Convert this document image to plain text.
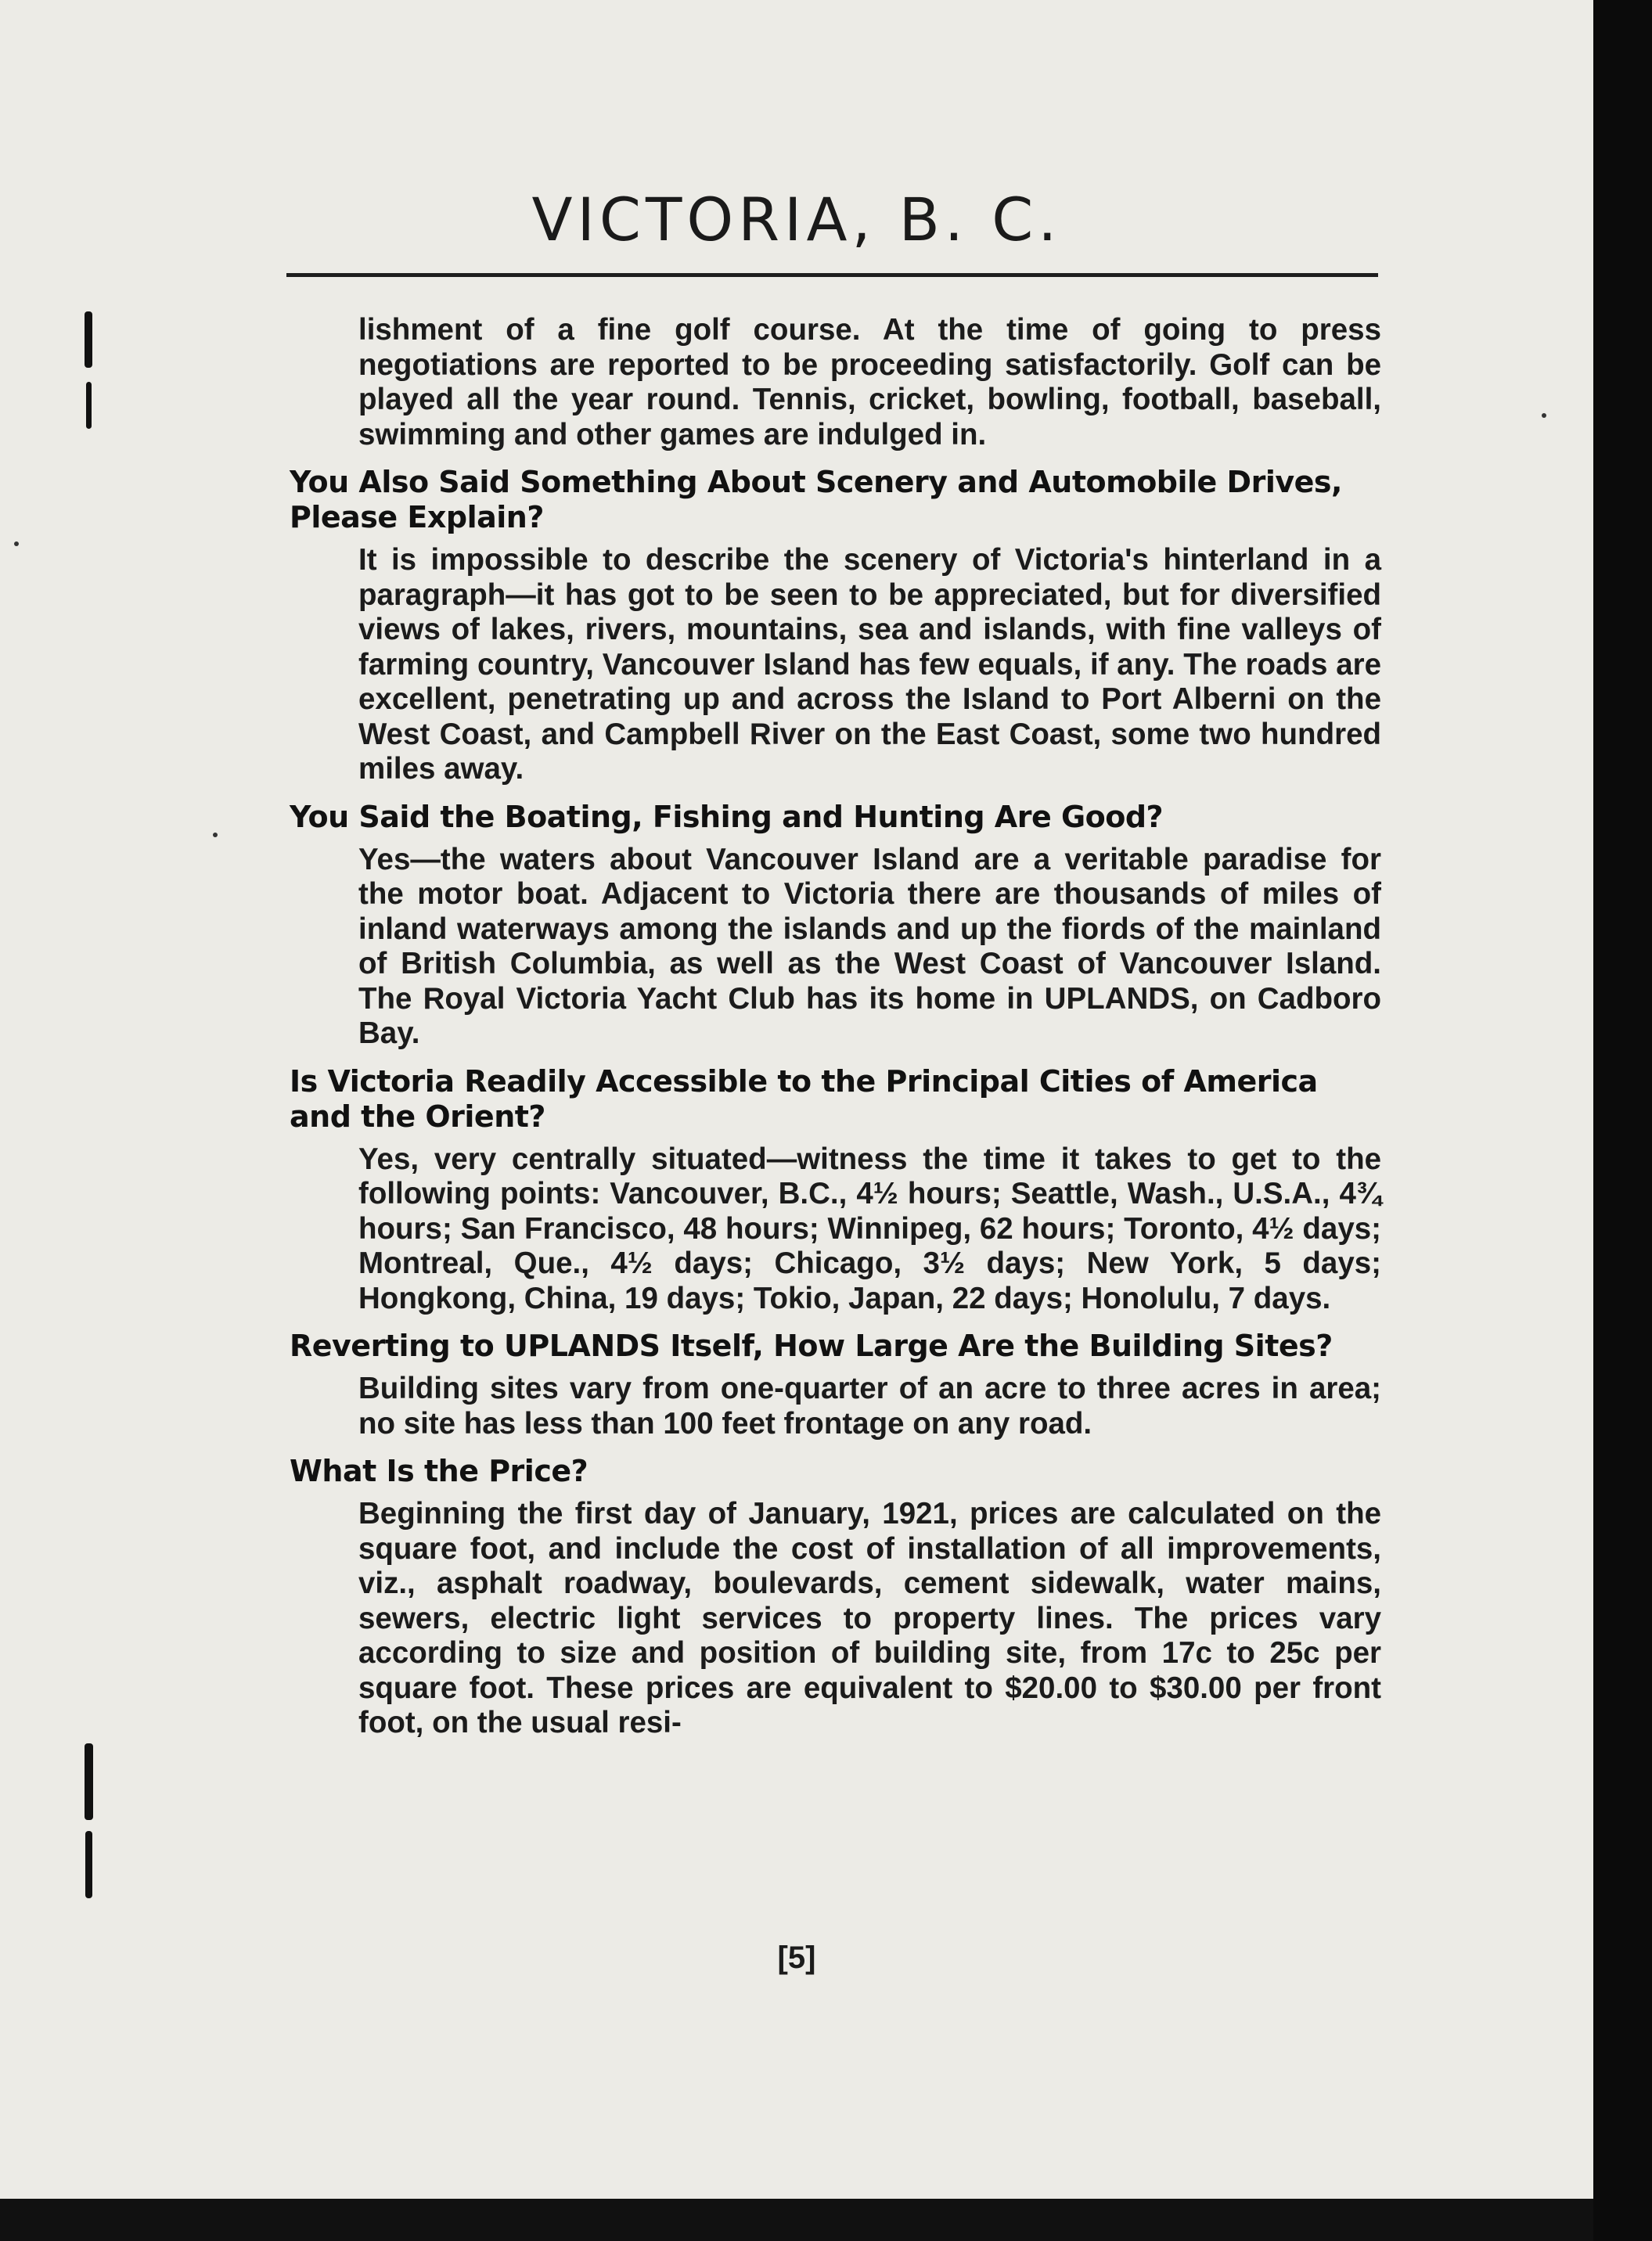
VICTORIA, B. C.

lishment of a fine golf course. At the time of going to press negotiations are reported to be proceeding satisfactorily. Golf can be played all the year round. Tennis, cricket, bowling, football, baseball, swimming and other games are indulged in.

You Also Said Something About Scenery and Automobile Drives, Please Explain?

It is impossible to describe the scenery of Victoria's hinterland in a paragraph—it has got to be seen to be appreciated, but for diversified views of lakes, rivers, mountains, sea and islands, with fine valleys of farming country, Vancouver Island has few equals, if any. The roads are excellent, penetrating up and across the Island to Port Alberni on the West Coast, and Campbell River on the East Coast, some two hundred miles away.

You Said the Boating, Fishing and Hunting Are Good?

Yes—the waters about Vancouver Island are a veritable paradise for the motor boat. Adjacent to Victoria there are thousands of miles of inland waterways among the islands and up the fiords of the mainland of British Columbia, as well as the West Coast of Vancouver Island. The Royal Victoria Yacht Club has its home in UPLANDS, on Cadboro Bay.

Is Victoria Readily Accessible to the Principal Cities of America and the Orient?

Yes, very centrally situated—witness the time it takes to get to the following points: Vancouver, B.C., 4½ hours; Seattle, Wash., U.S.A., 4¾ hours; San Francisco, 48 hours; Winnipeg, 62 hours; Toronto, 4½ days; Montreal, Que., 4½ days; Chicago, 3½ days; New York, 5 days; Hongkong, China, 19 days; Tokio, Japan, 22 days; Honolulu, 7 days.

Reverting to UPLANDS Itself, How Large Are the Building Sites?

Building sites vary from one-quarter of an acre to three acres in area; no site has less than 100 feet frontage on any road.

What Is the Price?

Beginning the first day of January, 1921, prices are calculated on the square foot, and include the cost of installation of all improvements, viz., asphalt roadway, boulevards, cement sidewalk, water mains, sewers, electric light services to property lines. The prices vary according to size and position of building site, from 17c to 25c per square foot. These prices are equivalent to $20.00 to $30.00 per front foot, on the usual resi-

[5]
